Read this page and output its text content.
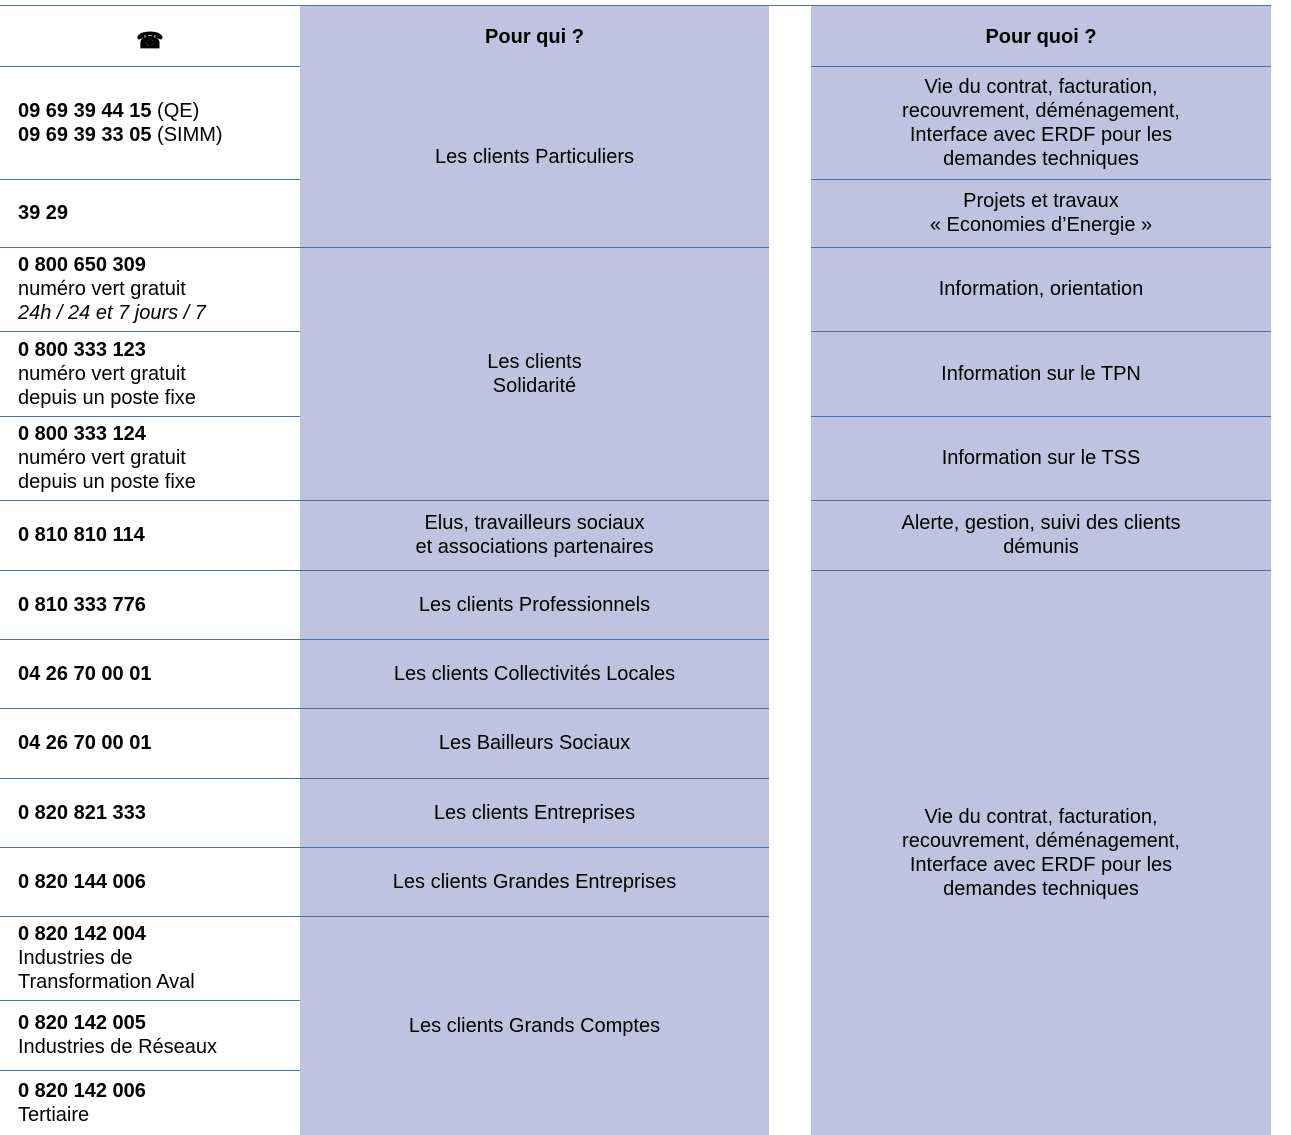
☎	Pour qui ?	Pour quoi ?
09 69 39 44 15 (QE)
09 69 39 33 05 (SIMM)
39 29
0 800 650 309
numéro vert gratuit
24h / 24 et 7 jours / 7
0 800 333 123
numéro vert gratuit
depuis un poste fixe
0 800 333 124
numéro vert gratuit
depuis un poste fixe
0 810 810 114
0 810 333 776
04 26 70 00 01
04 26 70 00 01
0 820 821 333
0 820 144 006
0 820 142 004
Industries de
Transformation Aval
0 820 142 005
Industries de Réseaux
0 820 142 006
Tertiaire
Les clients Particuliers
Les clients
Solidarité
Elus, travailleurs sociaux
et associations partenaires
Les clients Professionnels
Les clients Collectivités Locales
Les Bailleurs Sociaux
Les clients Entreprises
Les clients Grandes Entreprises
Les clients Grands Comptes
Vie du contrat, facturation,
recouvrement, déménagement,
Interface avec ERDF pour les
demandes techniques
Projets et travaux
« Economies d’Energie »
Information, orientation
Information sur le TPN
Information sur le TSS
Alerte, gestion, suivi des clients
démunis
Vie du contrat, facturation,
recouvrement, déménagement,
Interface avec ERDF pour les
demandes techniques
